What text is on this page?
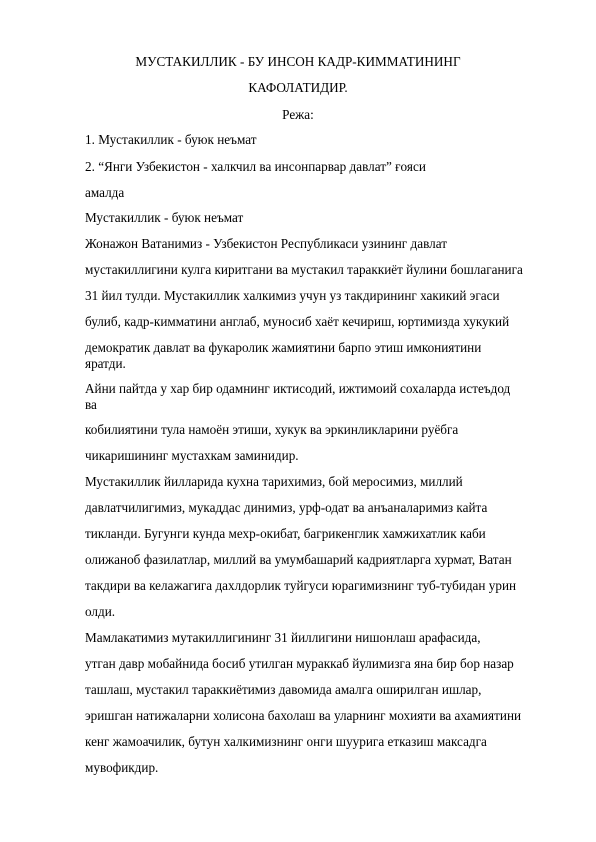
МУСТАКИЛЛИК - БУ ИНСОН КАДР-КИММАТИНИНГ
КАФОЛАТИДИР.
Режа:
1. Мустакиллик - буюк неъмат
2. “Янги Узбекистон - халкчил ва инсонпарвар давлат” ғояси
амалда
Мустакиллик - буюк неъмат
Жонажон Ватанимиз - Узбекистон Республикаси узининг давлат
мустакиллигини кулга киритгани ва мустакил тараккиёт йулини бошлаганига
31 йил тулди. Мустакиллик халкимиз учун уз такдирининг хакикий эгаси
булиб, кадр-кимматини англаб, муносиб хаёт кечириш, юртимизда хукукий
демократик давлат ва фукаролик жамиятини барпо этиш имкониятини
яратди.
Айни пайтда у хар бир одамнинг иктисодий, ижтимоий сохаларда истеъдод
ва
кобилиятини тула намоён этиши, хукук ва эркинликларини руёбга
чикаришининг мустахкам заминидир.
Мустакиллик йилларида кухна тарихимиз, бой меросимиз, миллий
давлатчилигимиз, мукаддас динимиз, урф-одат ва анъаналаримиз кайта
тикланди. Бугунги кунда мехр-окибат, багрикенглик хамжихатлик каби
олижаноб фазилатлар, миллий ва умумбашарий кадриятларга хурмат, Ватан
такдири ва келажагига дахлдорлик туйгуси юрагимизнинг туб-тубидан урин
олди.
Мамлакатимиз мутакиллигининг 31 йиллигини нишонлаш арафасида,
утган давр мобайнида босиб утилган мураккаб йулимизга яна бир бор назар
ташлаш, мустакил тараккиётимиз давомида амалга оширилган ишлар,
эришган натижаларни холисона бахолаш ва уларнинг мохияти ва ахамиятини
кенг жамоачилик, бутун халкимизнинг онги шуурига етказиш максадга
мувофикдир.
